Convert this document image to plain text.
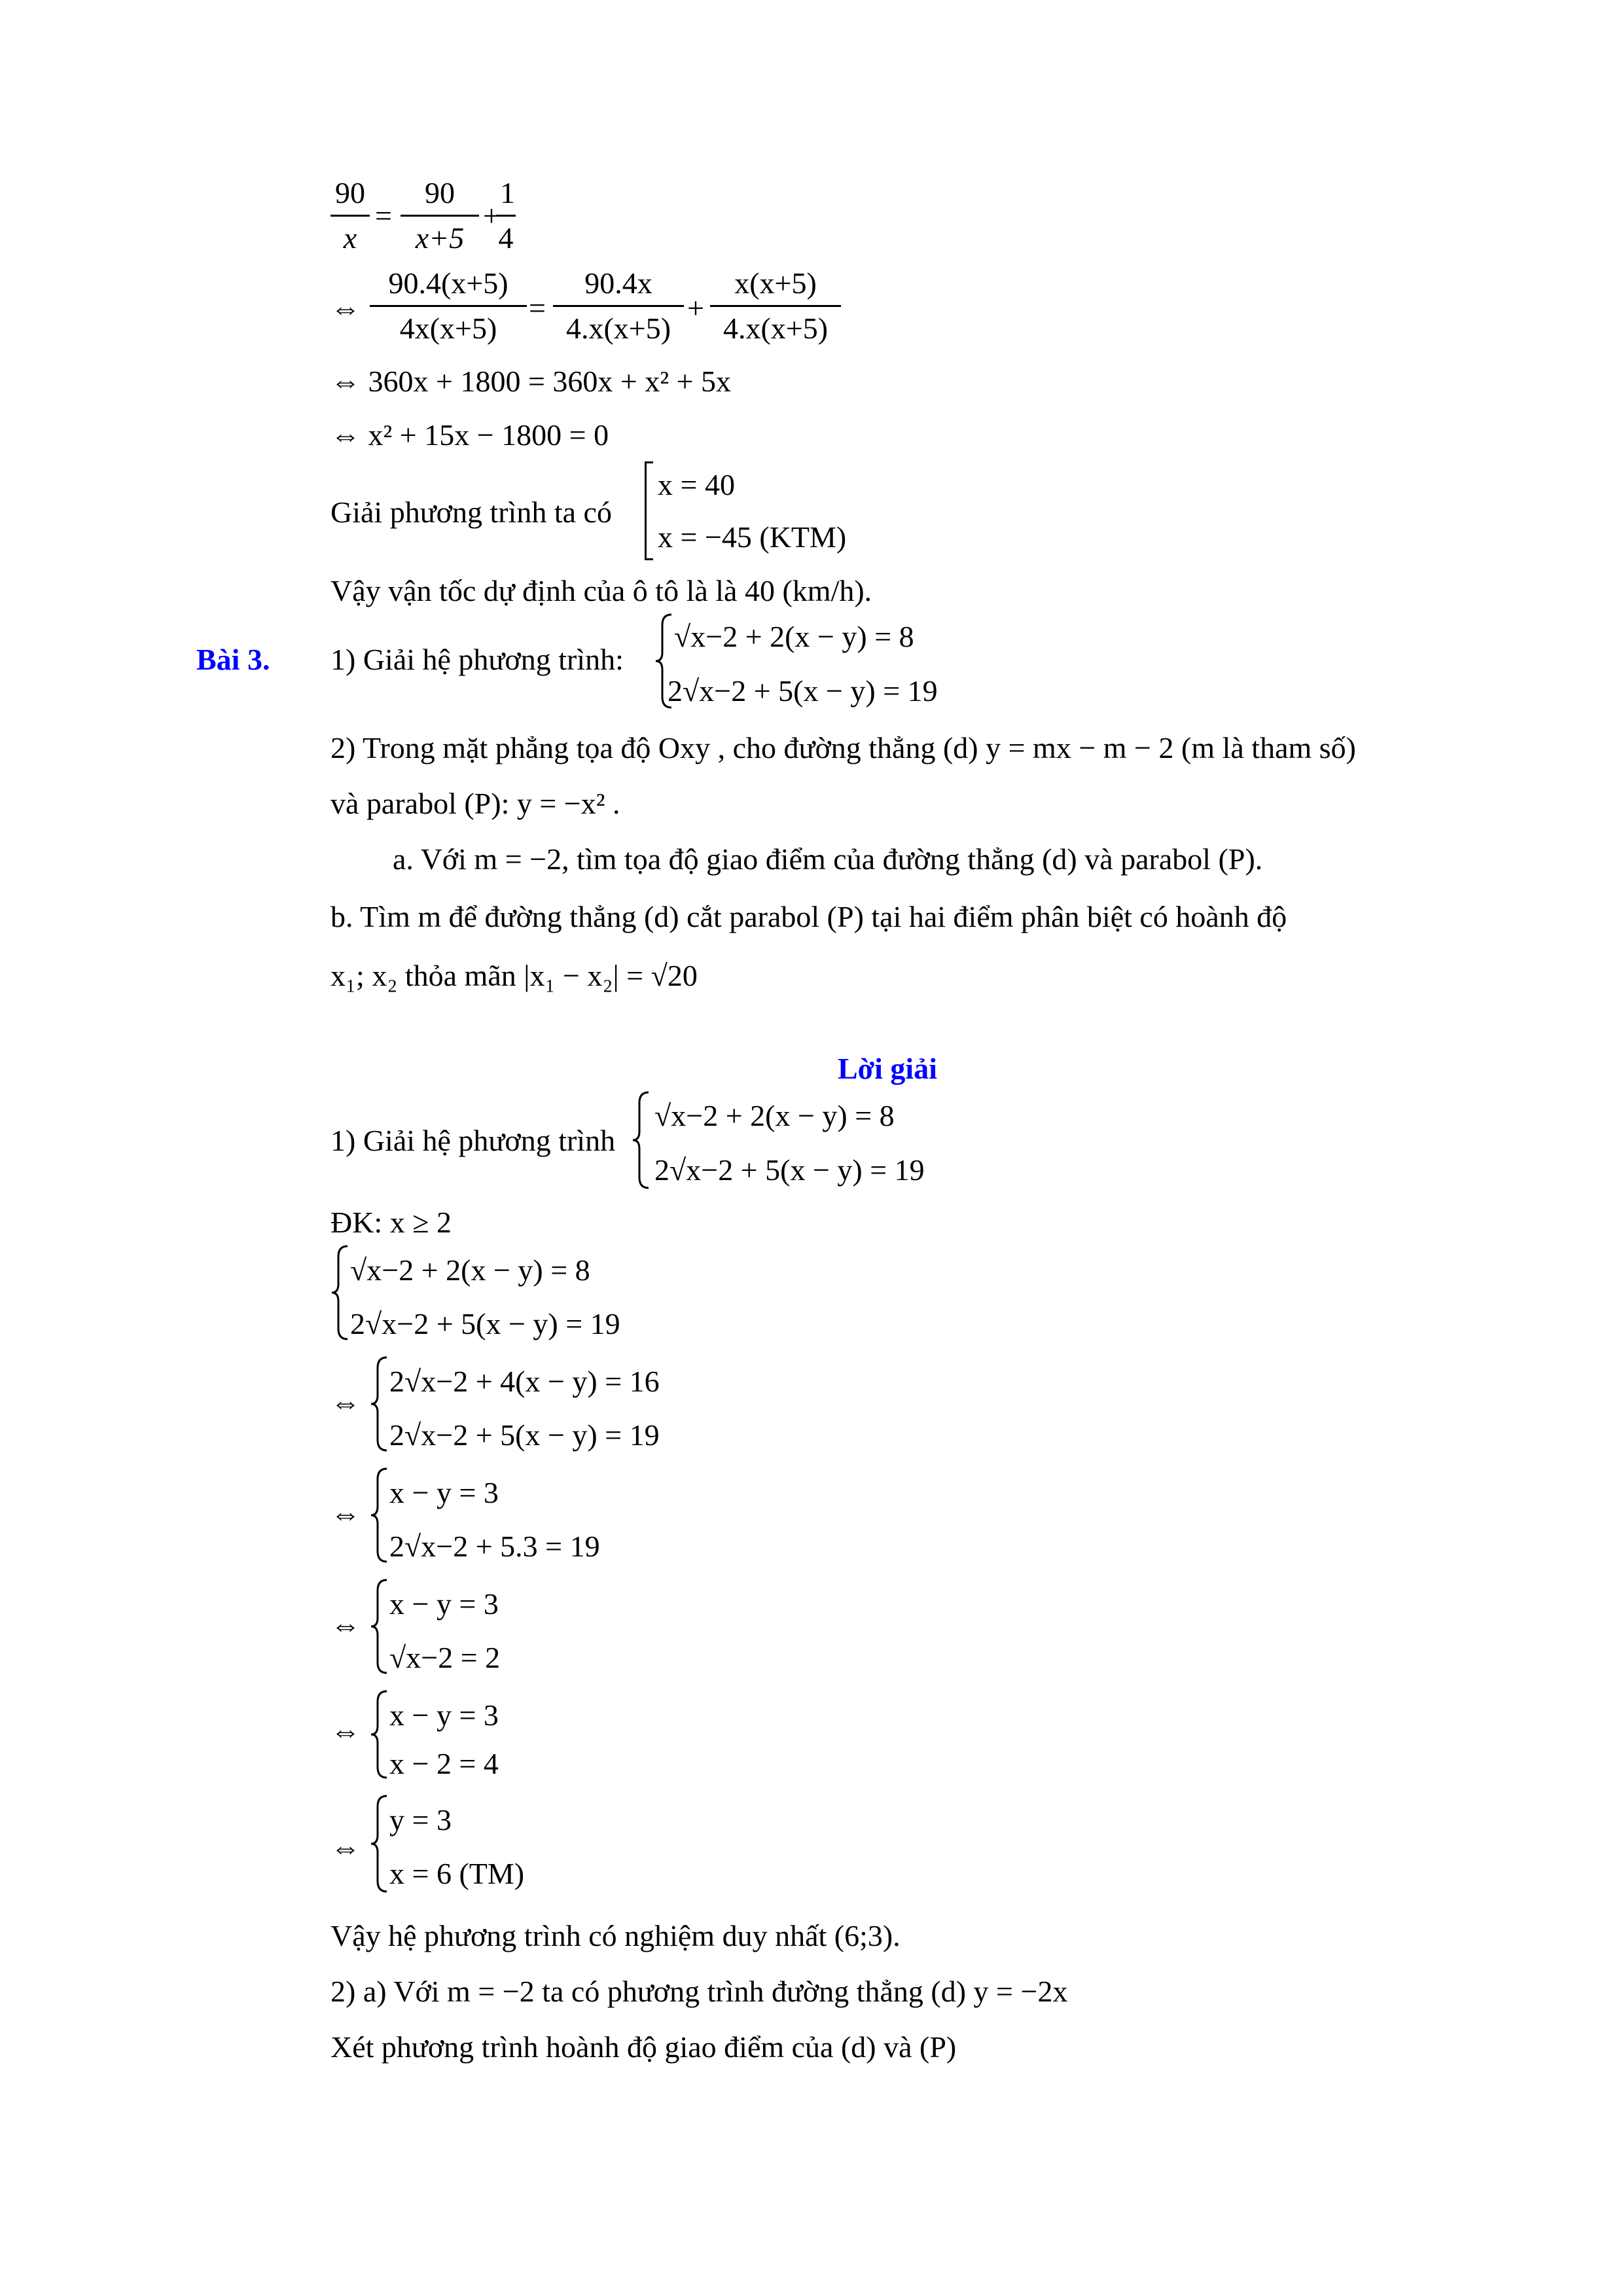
$\frac{90}{x} = \frac{90}{x+5}$ +
$\frac{1}{4}$
⇔ $\frac{90.4(x+5)}{4x(x+5)} = \frac{90.4x}{4.x(x+5)} + \frac{x(x+5)}{4.x(x+5)}$
⇔ 360x + 1800 = 360x + x² + 5x
⇔ x² + 15x − 1800 = 0
Giải phương trình ta có
x = 40
x = −45 (KTM)
Vậy vận tốc dự định của ô tô là là 40 (km/h).
Bài 3. 1) Giải hệ phương trình:
√x−2 + 2(x − y) = 8
2√x−2 + 5(x − y) = 19
2) Trong mặt phẳng tọa độ Oxy , cho đường thẳng (d) y = mx − m − 2 (m là tham số)
và parabol (P): y = −x² .
a. Với m = −2, tìm tọa độ giao điểm của đường thẳng (d) và parabol (P).
b. Tìm m để đường thẳng (d) cắt parabol (P) tại hai điểm phân biệt có hoành độ
x₁; x₂ thỏa mãn |x₁ − x₂| = √20
Lời giải
1) Giải hệ phương trình
√x−2 + 2(x − y) = 8
2√x−2 + 5(x − y) = 19
ĐK: x ≥ 2
√x−2 + 2(x − y) = 8
2√x−2 + 5(x − y) = 19
⇔
2√x−2 + 4(x − y) = 16
2√x−2 + 5(x − y) = 19
⇔
x − y = 3
2√x−2 + 5.3 = 19
⇔
x − y = 3
√x−2 = 2
⇔ x − y = 3
x − 2 = 4
⇔
y = 3
x = 6 (TM)
Vậy hệ phương trình có nghiệm duy nhất (6;3).
2) a) Với m = −2 ta có phương trình đường thẳng (d) y = −2x
Xét phương trình hoành độ giao điểm của (d) và (P)
